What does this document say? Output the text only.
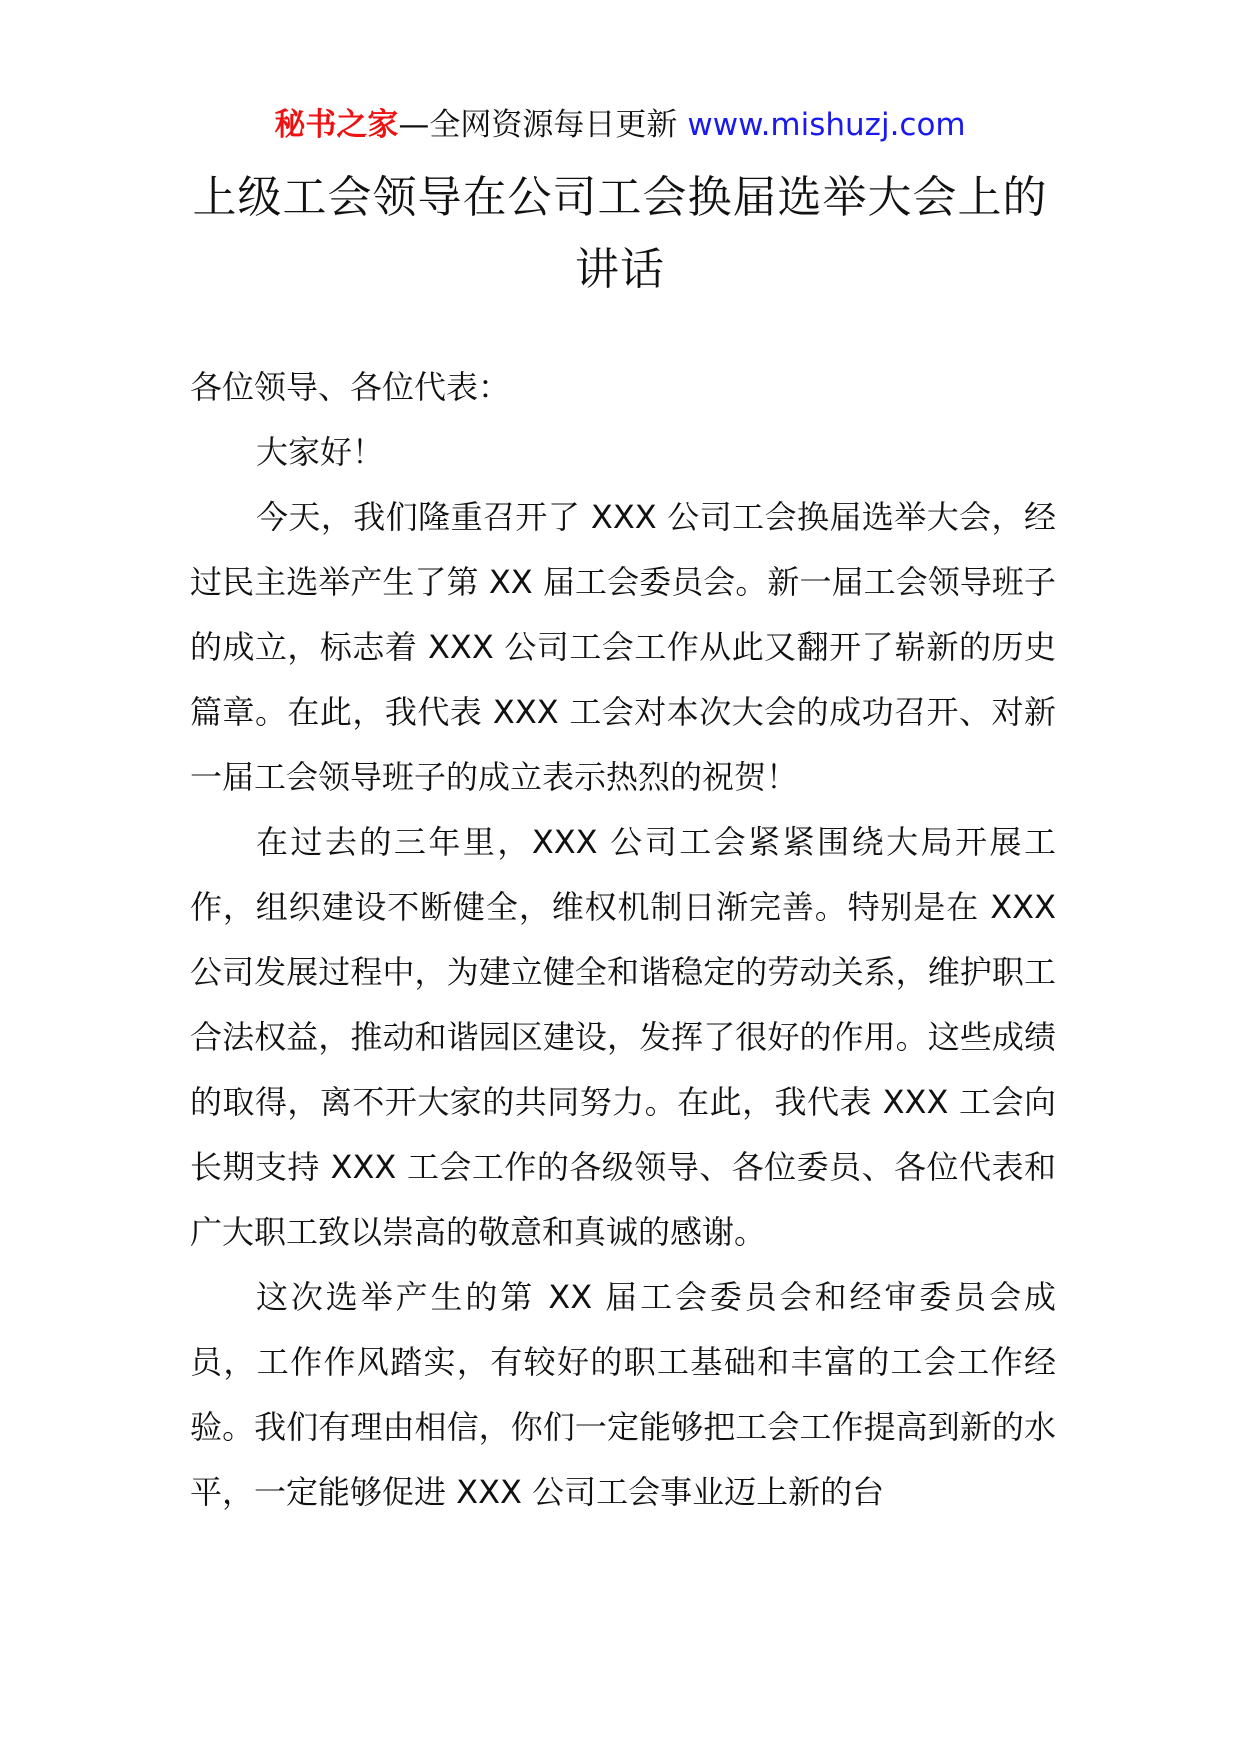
秘书之家—全网资源每日更新 www.mishuzj.com
上级工会领导在公司工会换届选举大会上的讲话

各位领导、各位代表：

大家好！

今天，我们隆重召开了 XXX 公司工会换届选举大会，经过民主选举产生了第 XX 届工会委员会。新一届工会领导班子的成立，标志着 XXX 公司工会工作从此又翻开了崭新的历史篇章。在此，我代表 XXX 工会对本次大会的成功召开、对新一届工会领导班子的成立表示热烈的祝贺！

在过去的三年里，XXX 公司工会紧紧围绕大局开展工作，组织建设不断健全，维权机制日渐完善。特别是在 XXX 公司发展过程中，为建立健全和谐稳定的劳动关系，维护职工合法权益，推动和谐园区建设，发挥了很好的作用。这些成绩的取得，离不开大家的共同努力。在此，我代表 XXX 工会向长期支持 XXX 工会工作的各级领导、各位委员、各位代表和广大职工致以崇高的敬意和真诚的感谢。

这次选举产生的第 XX 届工会委员会和经审委员会成员，工作作风踏实，有较好的职工基础和丰富的工会工作经验。我们有理由相信，你们一定能够把工会工作提高到新的水平，一定能够促进 XXX 公司工会事业迈上新的台
